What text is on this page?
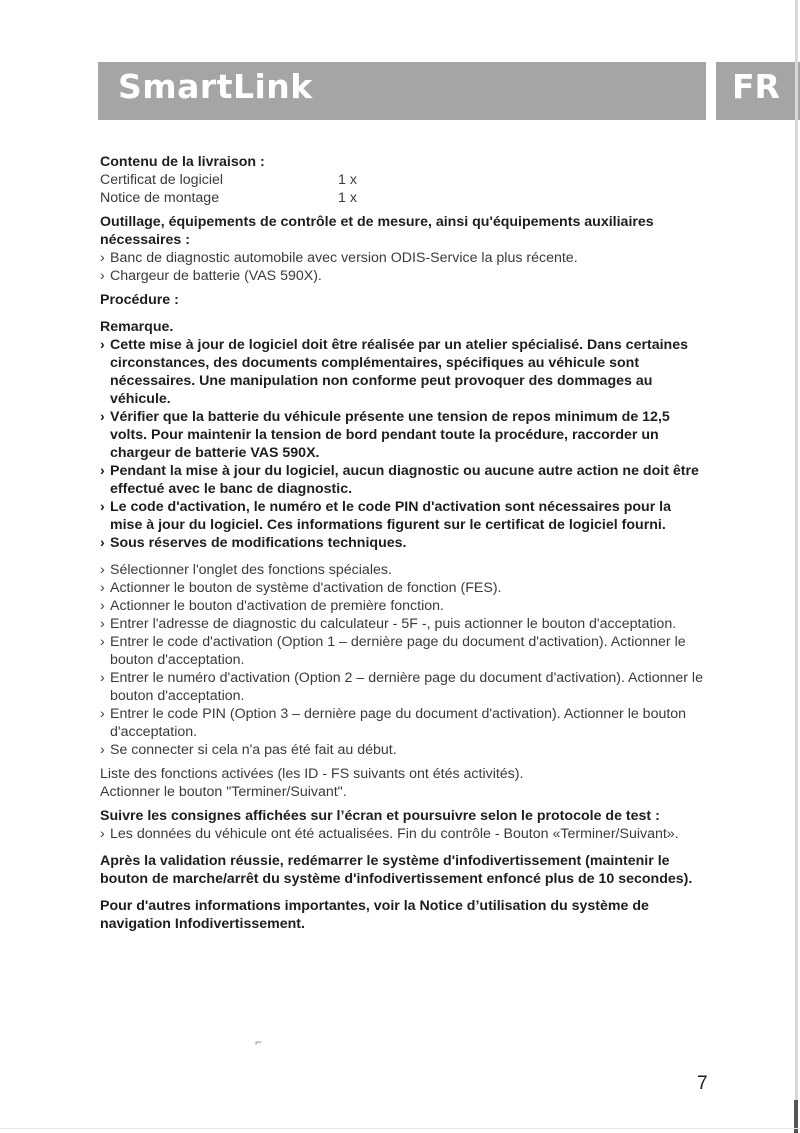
SmartLink	FR

Contenu de la livraison :

Certificat de logiciel	1 x
Notice de montage	1 x

Outillage, équipements de contrôle et de mesure, ainsi qu'équipements auxiliaires nécessaires :

› Banc de diagnostic automobile avec version ODIS-Service la plus récente.

› Chargeur de batterie (VAS 590X).

Procédure :

Remarque.

› Cette mise à jour de logiciel doit être réalisée par un atelier spécialisé. Dans certaines circonstances, des documents complémentaires, spécifiques au véhicule sont nécessaires. Une manipulation non conforme peut provoquer des dommages au véhicule.

› Vérifier que la batterie du véhicule présente une tension de repos minimum de 12,5 volts. Pour maintenir la tension de bord pendant toute la procédure, raccorder un chargeur de batterie VAS 590X.

› Pendant la mise à jour du logiciel, aucun diagnostic ou aucune autre action ne doit être effectué avec le banc de diagnostic.

› Le code d'activation, le numéro et le code PIN d'activation sont nécessaires pour la mise à jour du logiciel. Ces informations figurent sur le certificat de logiciel fourni.

› Sous réserves de modifications techniques.

› Sélectionner l'onglet des fonctions spéciales.

› Actionner le bouton de système d'activation de fonction (FES).

› Actionner le bouton d'activation de première fonction.

› Entrer l'adresse de diagnostic du calculateur - 5F -, puis actionner le bouton d'acceptation.

› Entrer le code d'activation (Option 1 – dernière page du document d'activation). Actionner le bouton d'acceptation.

› Entrer le numéro d'activation (Option 2 – dernière page du document d'activation). Actionner le bouton d'acceptation.

› Entrer le code PIN (Option 3 – dernière page du document d'activation). Actionner le bouton d'acceptation.

› Se connecter si cela n'a pas été fait au début.

Liste des fonctions activées (les ID - FS suivants ont étés activités).

Actionner le bouton "Terminer/Suivant".

Suivre les consignes affichées sur l’écran et poursuivre selon le protocole de test :

› Les données du véhicule ont été actualisées. Fin du contrôle - Bouton «Terminer/Suivant».

Après la validation réussie, redémarrer le système d'infodivertissement (maintenir le bouton de marche/arrêt du système d'infodivertissement enfoncé plus de 10 secondes).

Pour d'autres informations importantes, voir la Notice d’utilisation du système de navigation Infodivertissement.

⌐
7
